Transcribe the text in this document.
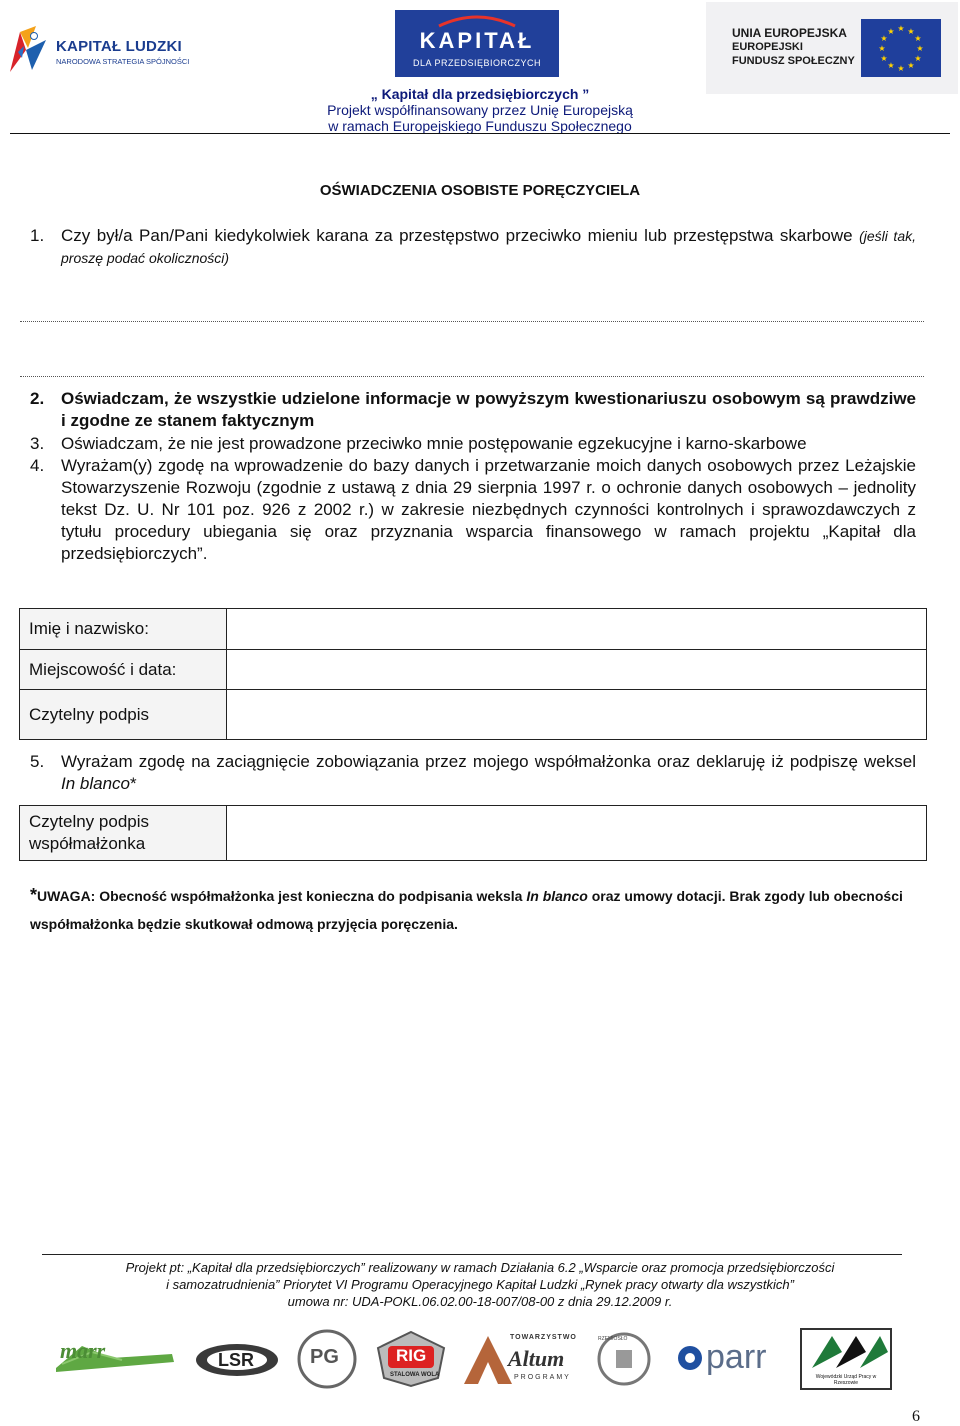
KAPITAŁ LUDZKI
NARODOWA STRATEGIA SPÓJNOŚCI
KAPITAŁ
DLA PRZEDSIĘBIORCZYCH
UNIA EUROPEJSKA
EUROPEJSKI
FUNDUSZ SPOŁECZNY
★ ★
★
★
★
★
★
★
★
★
★
★
„ Kapitał dla przedsiębiorczych ”
Projekt współfinansowany przez Unię Europejską
w ramach Europejskiego Funduszu Społecznego
OŚWIADCZENIA OSOBISTE PORĘCZYCIELA
1. Czy był/a Pan/Pani kiedykolwiek karana za przestępstwo przeciwko mieniu lub przestępstwa skarbowe (jeśli tak, proszę podać okoliczności)
2. Oświadczam, że wszystkie udzielone informacje w powyższym kwestionariuszu osobowym są prawdziwe i zgodne ze stanem faktycznym
3. Oświadczam, że nie jest prowadzone przeciwko mnie postępowanie egzekucyjne i karno-skarbowe
4. Wyrażam(y) zgodę na wprowadzenie do bazy danych i przetwarzanie moich danych osobowych przez Leżajskie Stowarzyszenie Rozwoju (zgodnie z ustawą z dnia 29 sierpnia 1997 r. o ochronie danych osobowych – jednolity tekst Dz. U. Nr 101 poz. 926 z 2002 r.) w zakresie niezbędnych czynności kontrolnych i sprawozdawczych z tytułu procedury ubiegania się oraz przyznania wsparcia finansowego w ramach projektu „Kapitał dla przedsiębiorczych”.
Imię i nazwisko:	
Miejscowość i data:	
Czytelny podpis	
5. Wyrażam zgodę na zaciągnięcie zobowiązania przez mojego współmałżonka oraz deklaruję iż podpiszę weksel In blanco*
Czytelny podpis
współmałżonka

*UWAGA: Obecność współmałżonka jest konieczna do podpisania weksla In blanco oraz umowy dotacji. Brak zgody lub obecności współmałżonka będzie skutkował odmową przyjęcia poręczenia.
Projekt pt: „Kapitał dla przedsiębiorczych” realizowany w ramach Działania 6.2 „Wsparcie oraz promocja przedsiębiorczości
i samozatrudnienia” Priorytet VI Programu Operacyjnego Kapitał Ludzki „Rynek pracy otwarty dla wszystkich”
umowa nr: UDA-POKL.06.02.00-18-007/08-00 z dnia 29.12.2009 r.
marr	LSR	PG	RIG
STALOWA WOLA
TOWARZYSTWO
Altum
PROGRAMY
RZEMIOSŁO parr
Wojewódzki Urząd Pracy w Rzeszowie
6
